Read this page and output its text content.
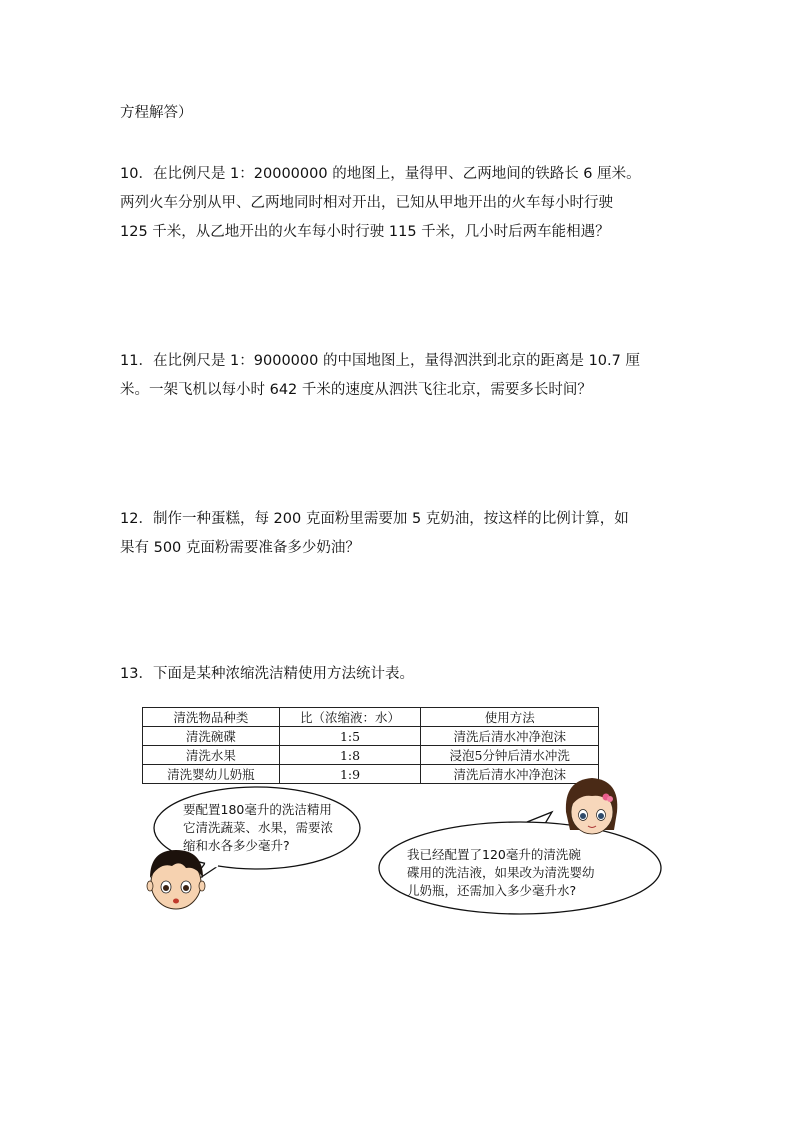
方程解答）

10．在比例尺是 1：20000000 的地图上，量得甲、乙两地间的铁路长 6 厘米。
两列火车分别从甲、乙两地同时相对开出，已知从甲地开出的火车每小时行驶
125 千米，从乙地开出的火车每小时行驶 115 千米，几小时后两车能相遇？

11．在比例尺是 1：9000000 的中国地图上，量得泗洪到北京的距离是 10.7 厘
米。一架飞机以每小时 642 千米的速度从泗洪飞往北京，需要多长时间？

12．制作一种蛋糕，每 200 克面粉里需要加 5 克奶油，按这样的比例计算，如
果有 500 克面粉需要准备多少奶油？

13．下面是某种浓缩洗洁精使用方法统计表。

清洗物品种类	比（浓缩液：水）	使用方法
清洗碗碟	1:5	清洗后清水冲净泡沫
清洗水果	1:8	浸泡5分钟后清水冲洗
清洗婴幼儿奶瓶	1:9	清洗后清水冲净泡沫
要配置180毫升的洗洁精用
它清洗蔬菜、水果，需要浓
缩和水各多少毫升?
我已经配置了120毫升的清洗碗
碟用的洗洁液，如果改为清洗婴幼
儿奶瓶，还需加入多少毫升水?
